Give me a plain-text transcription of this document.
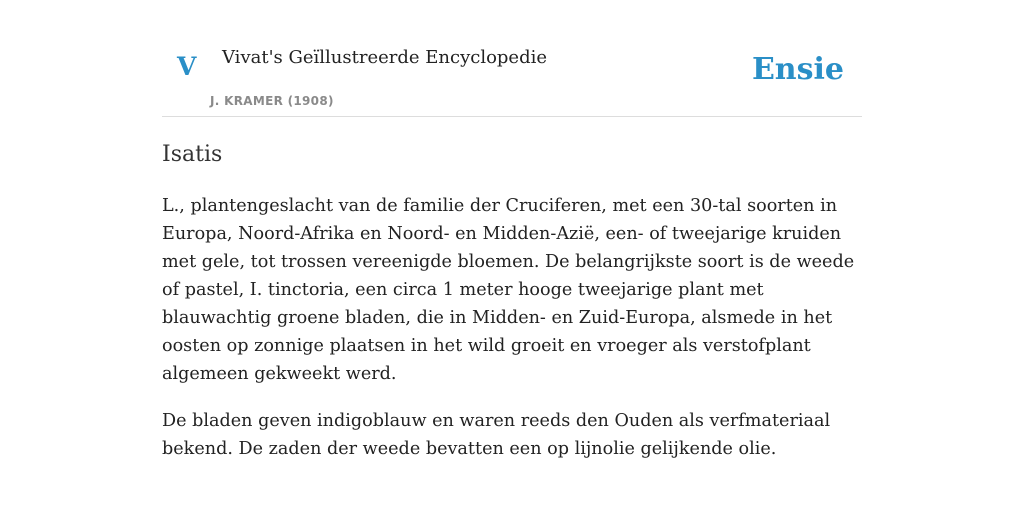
V Vivat's Geïllustreerde Encyclopedie
J. KRAMER (1908)
Ensie
Isatis

L., plantengeslacht van de familie der Cruciferen, met een 30-tal soorten in Europa, Noord-Afrika en Noord- en Midden-Azië, een- of tweejarige kruiden met gele, tot trossen vereenigde bloemen. De belangrijkste soort is de weede of pastel, I. tinctoria, een circa 1 meter hooge tweejarige plant met blauwachtig groene bladen, die in Midden- en Zuid-Europa, alsmede in het oosten op zonnige plaatsen in het wild groeit en vroeger als verstofplant algemeen gekweekt werd.

De bladen geven indigoblauw en waren reeds den Ouden als verfmateriaal bekend. De zaden der weede bevatten een op lijnolie gelijkende olie.
